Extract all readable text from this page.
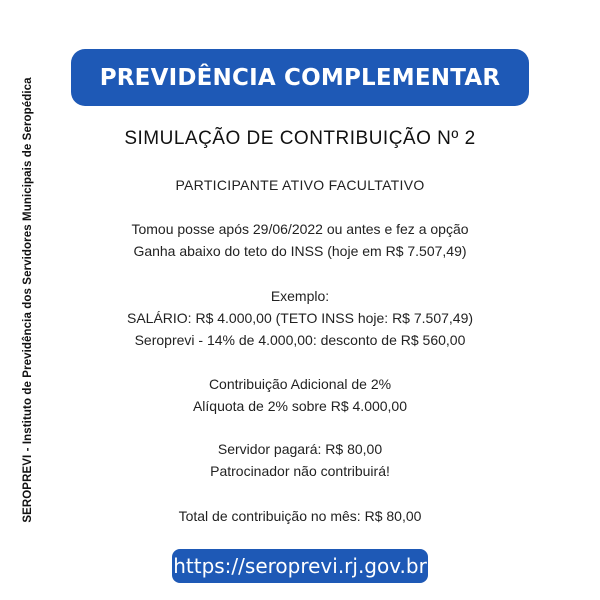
SEROPREVI - Instituto de Previdência dos Servidores Municipais de Seropédica	PREVIDÊNCIA COMPLEMENTAR
SIMULAÇÃO DE CONTRIBUIÇÃO Nº 2
PARTICIPANTE ATIVO FACULTATIVO
Tomou posse após 29/06/2022 ou antes e fez a opção
Ganha abaixo do teto do INSS (hoje em R$ 7.507,49)
Exemplo:
SALÁRIO: R$ 4.000,00 (TETO INSS hoje: R$ 7.507,49)
Seroprevi - 14% de 4.000,00: desconto de R$ 560,00
Contribuição Adicional de 2%
Alíquota de 2% sobre R$ 4.000,00
Servidor pagará: R$ 80,00
Patrocinador não contribuirá!
Total de contribuição no mês: R$ 80,00
https://seroprevi.rj.gov.br
